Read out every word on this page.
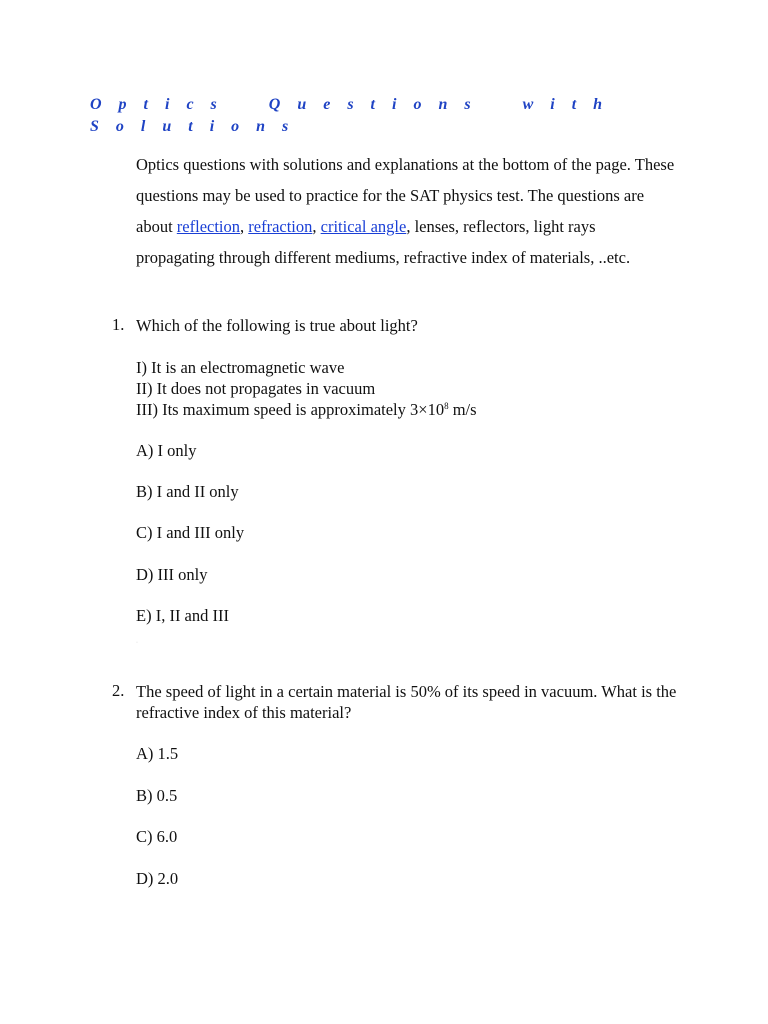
Optics Questions with Solutions

Optics questions with solutions and explanations at the bottom of the page. These questions may be used to practice for the SAT physics test. The questions are about reflection, refraction, critical angle, lenses, reflectors, light rays propagating through different mediums, refractive index of materials, ..etc.

1. Which of the following is true about light?
I) It is an electromagnetic wave
II) It does not propagates in vacuum
III) Its maximum speed is approximately $3\times 10^8$ m/s
A) I only
B) I and II only
C) I and III only
D) III only
E) I, II and III
·
2. The speed of light in a certain material is 50% of its speed in vacuum. What is the refractive index of this material?
A) 1.5
B) 0.5
C) 6.0
D) 2.0
